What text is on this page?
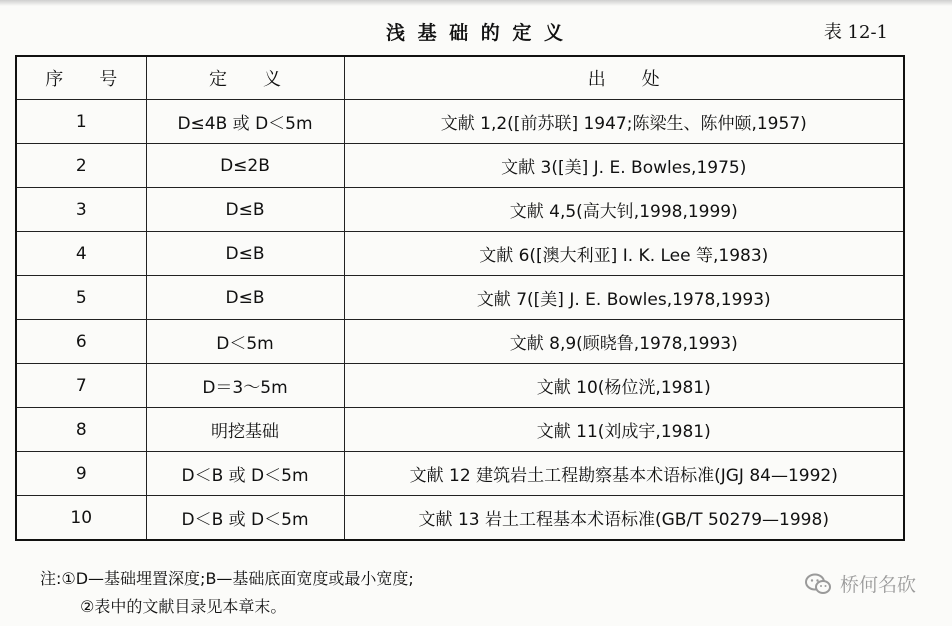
浅 基 础 的 定 义	表 12-1
序　　号	定　　义	出　　处
1	D≤4B 或 D＜5m	文献 1,2([前苏联] 1947;陈梁生、陈仲颐,1957)
2	D≤2B	文献 3([美] J. E. Bowles,1975)
3	D≤B	文献 4,5(高大钊,1998,1999)
4	D≤B	文献 6([澳大利亚] I. K. Lee 等,1983)
5	D≤B	文献 7([美] J. E. Bowles,1978,1993)
6	D＜5m	文献 8,9(顾晓鲁,1978,1993)
7	D＝3～5m	文献 10(杨位洸,1981)
8	明挖基础	文献 11(刘成宇,1981)
9	D＜B 或 D＜5m	文献 12 建筑岩土工程勘察基本术语标准(JGJ 84—1992)
10	D＜B 或 D＜5m	文献 13 岩土工程基本术语标准(GB/T 50279—1998)
注:①D—基础埋置深度;B—基础底面宽度或最小宽度;
②表中的文献目录见本章末。
桥何名砍
